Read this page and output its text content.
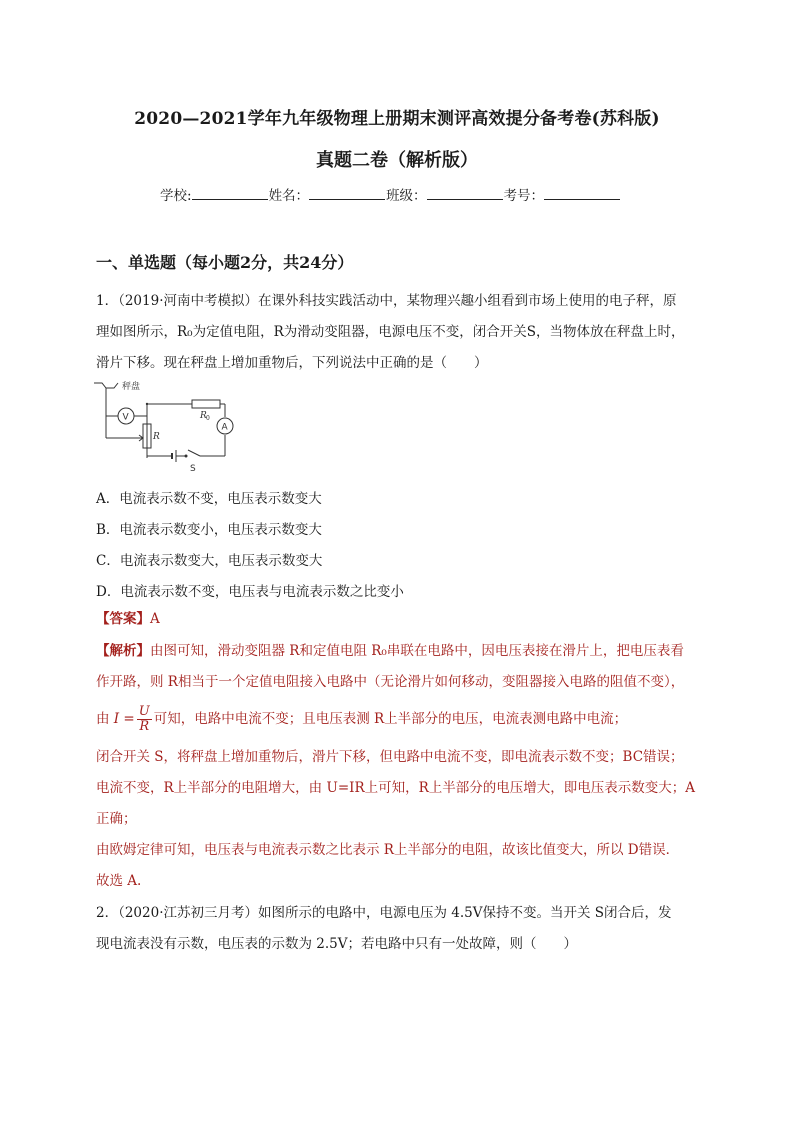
2020—2021学年九年级物理上册期末测评高效提分备考卷(苏科版)
真题二卷（解析版）
学校:	姓名：	班级：	考号：
一、单选题（每小题2分，共24分）
1．（2019·河南中考模拟）在课外科技实践活动中，某物理兴趣小组看到市场上使用的电子秤，原
理如图所示，R₀为定值电阻，R为滑动变阻器，电源电压不变，闭合开关S，当物体放在秤盘上时，
滑片下移。现在秤盘上增加重物后，下列说法中正确的是（　　）
秤盘
V
A
R 0
R
S
A．电流表示数不变，电压表示数变大
B．电流表示数变小，电压表示数变大
C．电流表示数变大，电压表示数变大
D．电流表示数不变，电压表与电流表示数之比变小
【答案】A
【解析】由图可知，滑动变阻器 R和定值电阻 R₀串联在电路中，因电压表接在滑片上，把电压表看
作开路，则 R相当于一个定值电阻接入电路中（无论滑片如何移动，变阻器接入电路的阻值不变），
由 $I = \frac{U}{R}$ 可知，电路中电流不变；且电压表测 R上半部分的电压，电流表测电路中电流；
闭合开关 S，将秤盘上增加重物后，滑片下移，但电路中电流不变，即电流表示数不变；BC错误；
电流不变，R上半部分的电阻增大，由 U=IR上可知，R上半部分的电压增大，即电压表示数变大；A
正确；
由欧姆定律可知，电压表与电流表示数之比表示 R上半部分的电阻，故该比值变大，所以 D错误．
故选 A.
2．（2020·江苏初三月考）如图所示的电路中，电源电压为 4.5V保持不变。当开关 S闭合后，发
现电流表没有示数，电压表的示数为 2.5V；若电路中只有一处故障，则（　　）
